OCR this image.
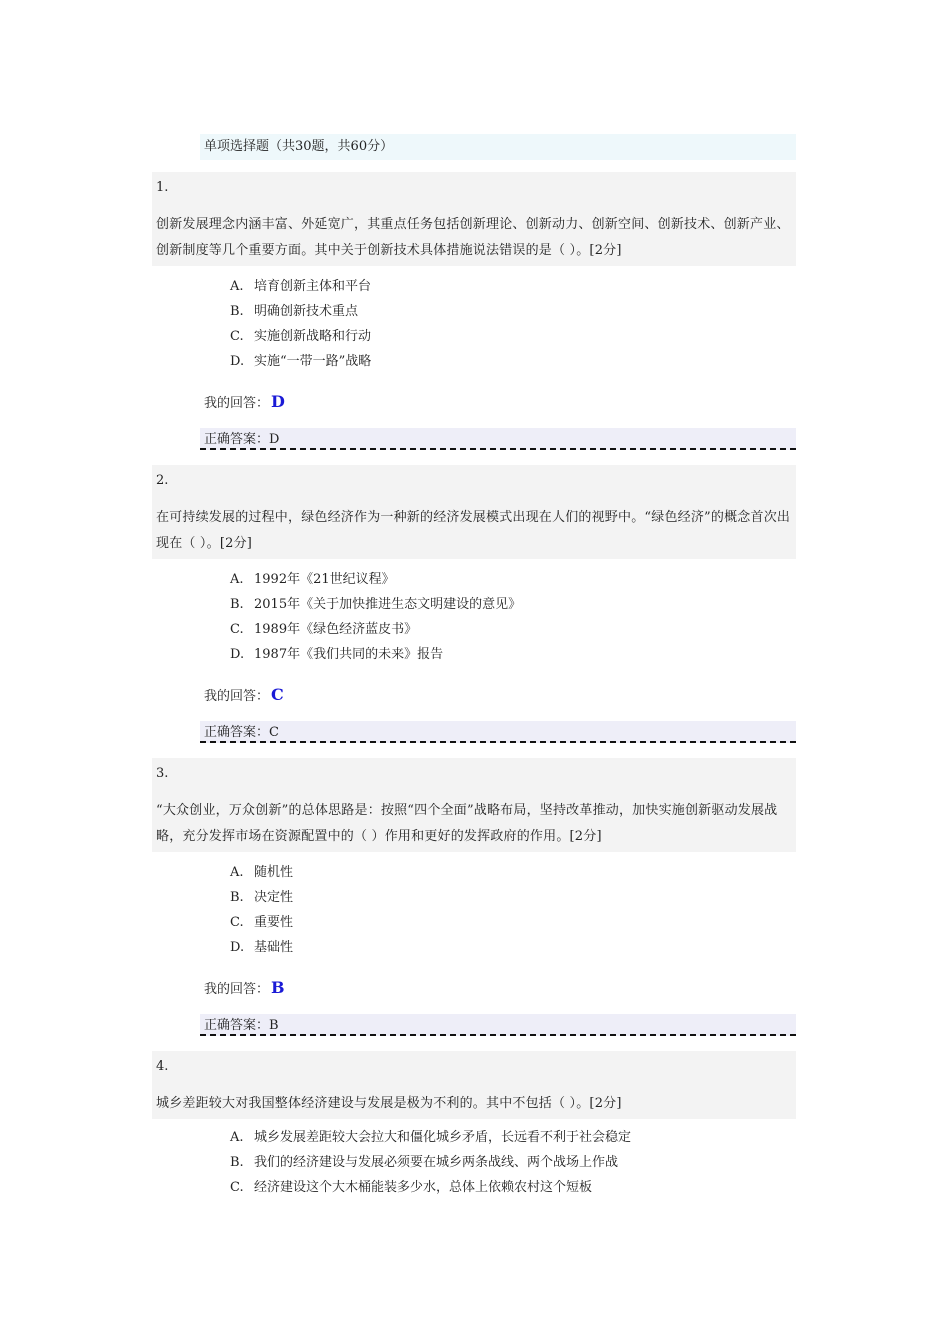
单项选择题（共30题，共60分）
1.
创新发展理念内涵丰富、外延宽广，其重点任务包括创新理论、创新动力、创新空间、创新技术、创新产业、创新制度等几个重要方面。其中关于创新技术具体措施说法错误的是（ ）。[2分]
A. 培育创新主体和平台
B. 明确创新技术重点
C. 实施创新战略和行动
D. 实施“一带一路”战略
我的回答： D
正确答案：D
2.
在可持续发展的过程中，绿色经济作为一种新的经济发展模式出现在人们的视野中。“绿色经济”的概念首次出现在（ ）。[2分]
A. 1992年《21世纪议程》
B. 2015年《关于加快推进生态文明建设的意见》
C. 1989年《绿色经济蓝皮书》
D. 1987年《我们共同的未来》报告
我的回答： C
正确答案：C
3.
“大众创业，万众创新”的总体思路是：按照“四个全面”战略布局，坚持改革推动，加快实施创新驱动发展战略，充分发挥市场在资源配置中的（ ）作用和更好的发挥政府的作用。[2分]
A. 随机性
B. 决定性
C. 重要性
D. 基础性
我的回答： B
正确答案：B
4.
城乡差距较大对我国整体经济建设与发展是极为不利的。其中不包括（ ）。[2分]
A. 城乡发展差距较大会拉大和僵化城乡矛盾，长远看不利于社会稳定
B. 我们的经济建设与发展必须要在城乡两条战线、两个战场上作战
C. 经济建设这个大木桶能装多少水，总体上依赖农村这个短板
